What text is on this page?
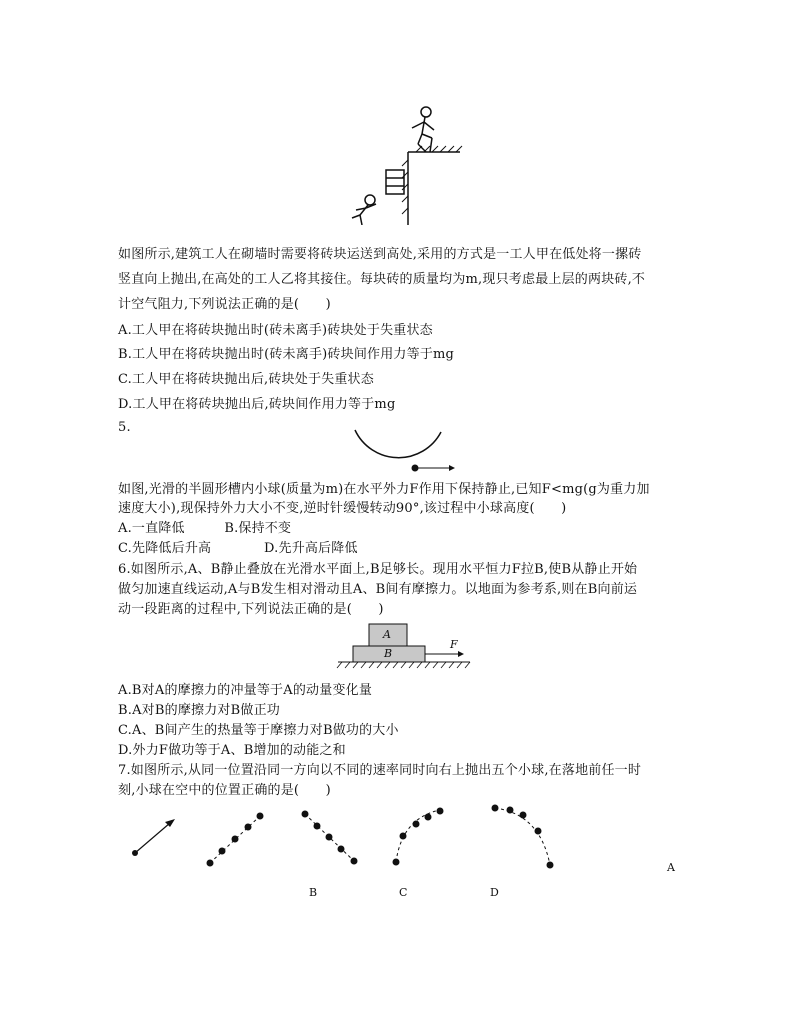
如图所示,建筑工人在砌墙时需要将砖块运送到高处,采用的方式是一工人甲在低处将一摞砖
竖直向上抛出,在高处的工人乙将其接住。每块砖的质量均为m,现只考虑最上层的两块砖,不
计空气阻力,下列说法正确的是(　　)
A.工人甲在将砖块抛出时(砖未离手)砖块处于失重状态
B.工人甲在将砖块抛出时(砖未离手)砖块间作用力等于mg
C.工人甲在将砖块抛出后,砖块处于失重状态
D.工人甲在将砖块抛出后,砖块间作用力等于mg
5.
如图,光滑的半圆形槽内小球(质量为m)在水平外力F作用下保持静止,已知F<mg(g为重力加
速度大小),现保持外力大小不变,逆时针缓慢转动90°,该过程中小球高度(　　)
A.一直降低　　　B.保持不变
C.先降低后升高　　　　D.先升高后降低
6.如图所示,A、B静止叠放在光滑水平面上,B足够长。现用水平恒力F拉B,使B从静止开始
做匀加速直线运动,A与B发生相对滑动且A、B间有摩擦力。以地面为参考系,则在B向前运
动一段距离的过程中,下列说法正确的是(　　)
A
B
F
A.B对A的摩擦力的冲量等于A的动量变化量
B.A对B的摩擦力对B做正功
C.A、B间产生的热量等于摩擦力对B做功的大小
D.外力F做功等于A、B增加的动能之和
7.如图所示,从同一位置沿同一方向以不同的速率同时向右上抛出五个小球,在落地前任一时
刻,小球在空中的位置正确的是(　　)
A
B	C	D
